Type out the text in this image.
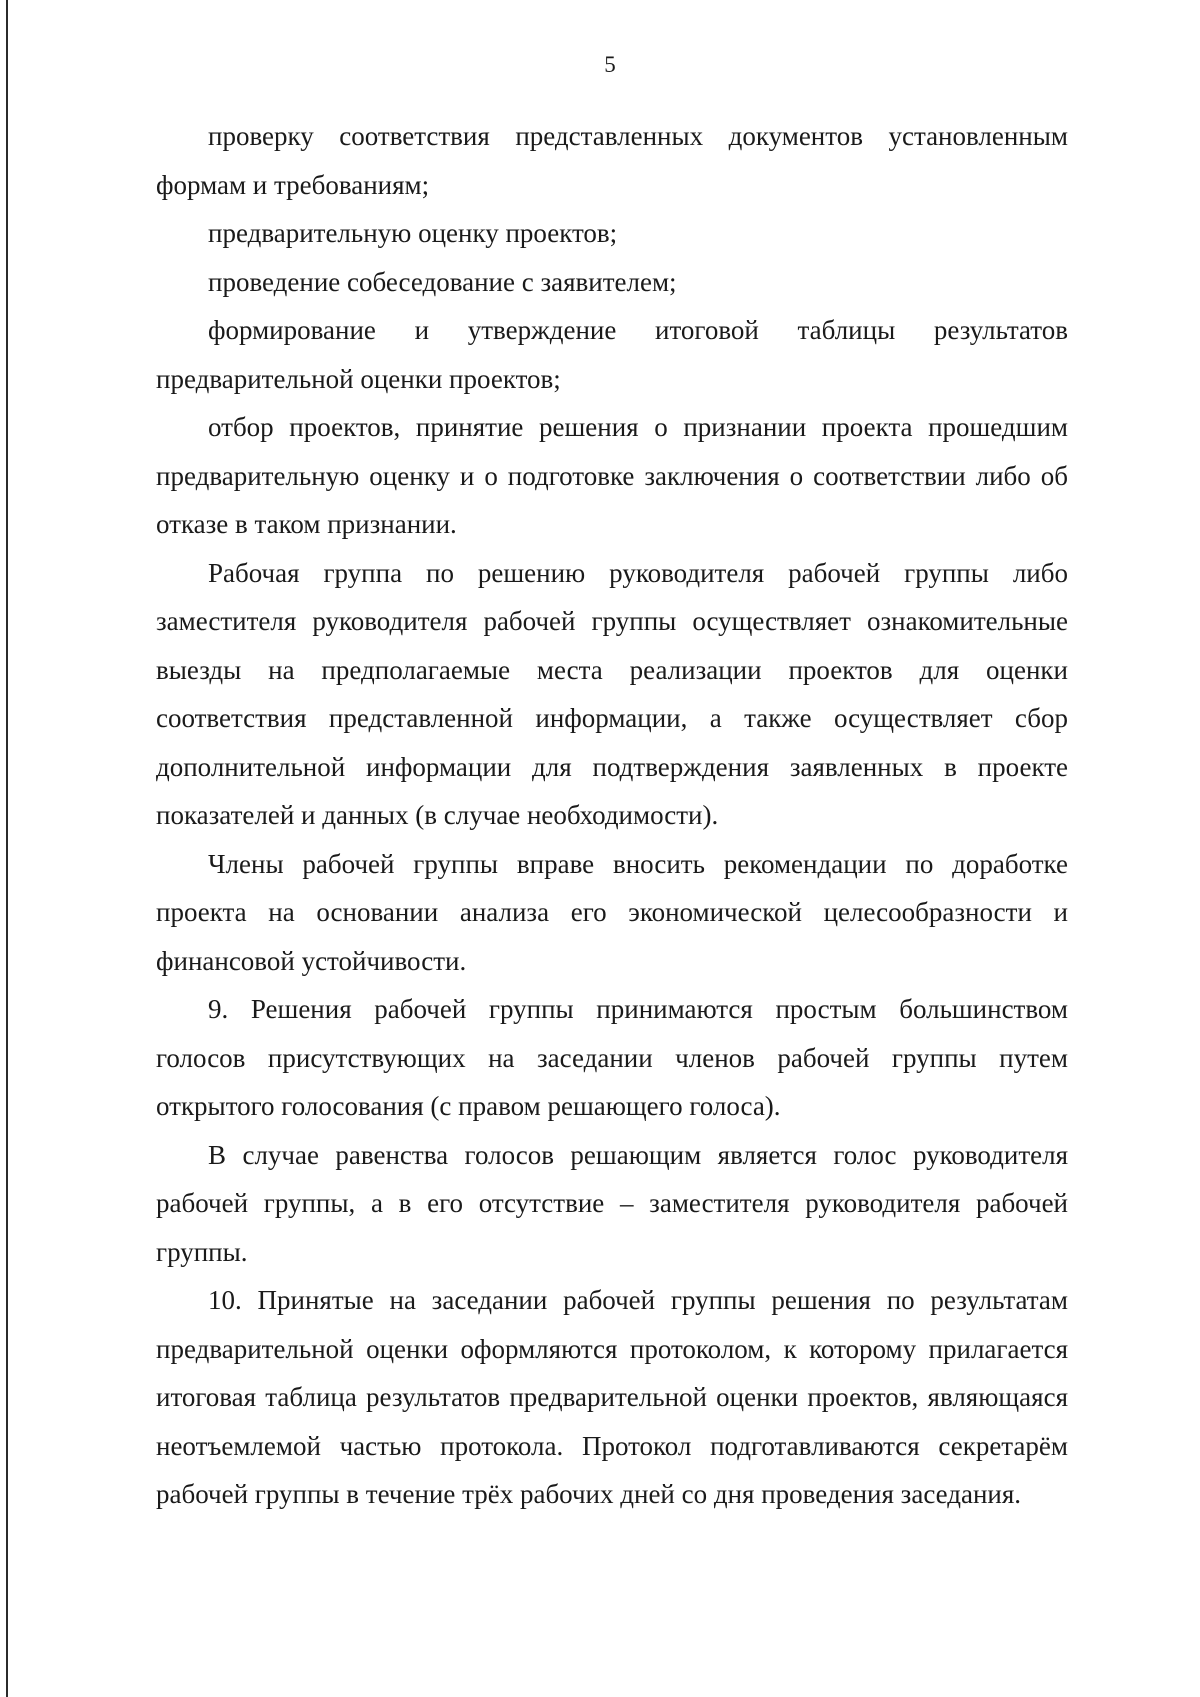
5

проверку соответствия представленных документов установленным формам и требованиям;

предварительную оценку проектов;

проведение собеседование с заявителем;

формирование и утверждение итоговой таблицы результатов предварительной оценки проектов;

отбор проектов, принятие решения о признании проекта прошедшим предварительную оценку и о подготовке заключения о соответствии либо об отказе в таком признании.

Рабочая группа по решению руководителя рабочей группы либо заместителя руководителя рабочей группы осуществляет ознакомительные выезды на предполагаемые места реализации проектов для оценки соответствия представленной информации, а также осуществляет сбор дополнительной информации для подтверждения заявленных в проекте показателей и данных (в случае необходимости).

Члены рабочей группы вправе вносить рекомендации по доработке проекта на основании анализа его экономической целесообразности и финансовой устойчивости.

9. Решения рабочей группы принимаются простым большинством голосов присутствующих на заседании членов рабочей группы путем открытого голосования (с правом решающего голоса).

В случае равенства голосов решающим является голос руководителя рабочей группы, а в его отсутствие – заместителя руководителя рабочей группы.

10. Принятые на заседании рабочей группы решения по результатам предварительной оценки оформляются протоколом, к которому прилагается итоговая таблица результатов предварительной оценки проектов, являющаяся неотъемлемой частью протокола. Протокол подготавливаются секретарём рабочей группы в течение трёх рабочих дней со дня проведения заседания.
